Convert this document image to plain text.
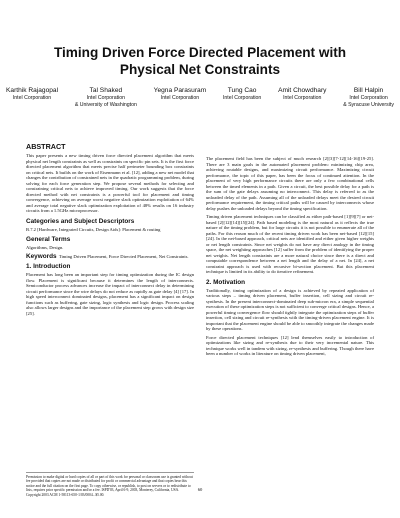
Timing Driven Force Directed Placement with
Physical Net Constraints
Karthik Rajagopal
Intel Corporation
Tal Shaked
Intel Corporation
& University of Washington
Yegna Parasuram
Intel Corporation
Tung Cao
Intel Corporation
Amit Chowdhary
Intel Corporation
Bill Halpin
Intel Corporation
& Syracuse University
ABSTRACT

This paper presents a new timing driven force directed placement algorithm that meets physical net length constraints as well as constraints on specific pin sets. It is the first force directed placement algorithm that meets precise half perimeter bounding box constraints on critical nets. It builds on the work of Eisenmann et al. [12], adding a new net model that changes the contribution of constrained nets in the quadratic programming problem, during solving for each force generation step. We propose several methods for selecting and constraining critical nets to achieve improved timing. Our work suggests that the force directed method with net constraints is a powerful tool for placement and timing convergence, achieving on average worst negative slack optimization exploitation of 64% and average total negative slack optimization exploitation of 48% results on 16 industry circuits from a 1.5GHz microprocessor.

Categories and Subject Descriptors

B.7.2 [Hardware, Integrated Circuits, Design Aids]: Placement & routing

General Terms

Algorithms, Design.

Keywords Timing Driven Placement, Force Directed Placement, Net Constraints.

1. Introduction

Placement has long been an important step for timing optimization during the IC design flow. Placement is significant because it determines the length of interconnects. Semiconductor process advances increase the impact of interconnect delay in determining circuit performance since the wire delays do not reduce as rapidly as gate delay [4] [17]. In high speed interconnect dominated designs, placement has a significant impact on design functions such as buffering, gate sizing, logic synthesis and logic design. Process scaling also allows larger designs and the importance of the placement step grows with design size [25].

Permission to make digital or hard copies of all or part of this work for personal or classroom use is granted without fee provided that copies are not made or distributed for profit or commercial advantage and that copies bear this notice and the full citation on the first page. To copy otherwise, or republish, to post on servers or to redistribute to lists, requires prior specific permission and/or a fee. ISPD'03, April 6-9, 2003, Monterey, California, USA. Copyright 2003 ACM 1-58113-650-1/03/0004...$5.00.

The placement field has been the subject of much research [2][3][7-12][14-16][19-25]. There are 3 main goals in the automated placement problem: minimizing chip area, achieving routable designs, and maximizing circuit performance. Maximizing circuit performance, the topic of this paper, has been the focus of continued attention. In the placement of very high performance circuits there are only a few combinational cells between the timed elements in a path. Given a circuit, the best possible delay for a path is the sum of the gate delays assuming no interconnect. This delay is referred to as the unloaded delay of the path. Assuming all of the unloaded delays meet the desired circuit performance requirement, the timing critical paths will be caused by interconnects whose delay pushes the unloaded delays beyond the timing specification.

Timing driven placement techniques can be classified as either path-based [1][9][7] or net-based [2][12][14][15][24]. Path based modeling is the most natural as it reflects the true nature of the timing problem, but for large circuits it is not possible to enumerate all of the paths. For this reason much of the recent timing driven work has been net-based [12][15][24]. In the net-based approach, critical nets are identified and either given higher weights or net length constraints. Since net weights do not have any direct analogy in the timing space, the net weighting approaches [12] suffer from the problem of identifying the proper net weights. Net length constraints are a more natural choice since there is a direct and computable correspondence between a net length and the delay of a net. In [24], a net constraint approach is used with recursive bi-section placement. But this placement technique is limited in its ability to do iterative refinement.

2. Motivation

Traditionally, timing optimization of a design is achieved by repeated application of various steps – timing driven placement, buffer insertion, cell sizing and circuit re-synthesis. In the present interconnect-dominated deep sub-micron era, a simple sequential execution of these optimization steps is not sufficient to converge critical designs. Hence, a powerful timing convergence flow should tightly integrate the optimization steps of buffer insertion, cell sizing and circuit re-synthesis with the timing-driven placement engine. It is important that the placement engine should be able to smoothly integrate the changes made by these operations.

Force directed placement techniques [12] lend themselves easily to introduction of optimizations like sizing and re-synthesis due to their very incremental nature. This technique works well in tandem with sizing, re-synthesis and buffering. Though there have been a number of works in literature on timing driven placement,

60
